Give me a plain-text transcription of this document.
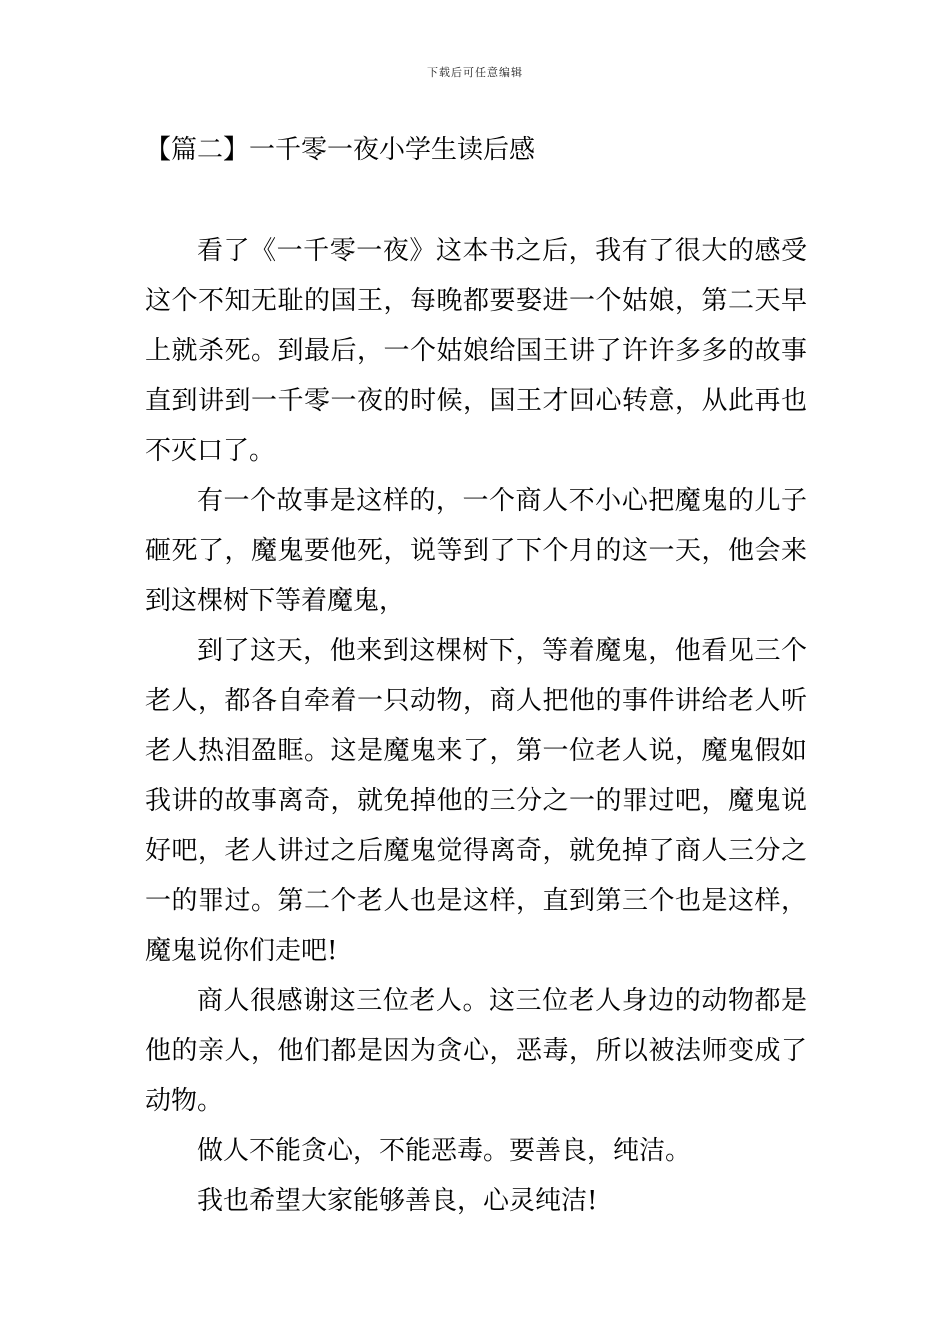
下载后可任意编辑
【篇二】一千零一夜小学生读后感

看了《一千零一夜》这本书之后，我有了很大的感受这个不知无耻的国王，每晚都要娶进一个姑娘，第二天早上就杀死。到最后，一个姑娘给国王讲了许许多多的故事直到讲到一千零一夜的时候，国王才回心转意，从此再也不灭口了。

有一个故事是这样的，一个商人不小心把魔鬼的儿子砸死了，魔鬼要他死，说等到了下个月的这一天，他会来到这棵树下等着魔鬼，

到了这天，他来到这棵树下，等着魔鬼，他看见三个老人，都各自牵着一只动物，商人把他的事件讲给老人听老人热泪盈眶。这是魔鬼来了，第一位老人说，魔鬼假如我讲的故事离奇，就免掉他的三分之一的罪过吧，魔鬼说好吧，老人讲过之后魔鬼觉得离奇，就免掉了商人三分之一的罪过。第二个老人也是这样，直到第三个也是这样，魔鬼说你们走吧!

商人很感谢这三位老人。这三位老人身边的动物都是他的亲人，他们都是因为贪心，恶毒，所以被法师变成了动物。

做人不能贪心，不能恶毒。要善良，纯洁。

我也希望大家能够善良，心灵纯洁!
